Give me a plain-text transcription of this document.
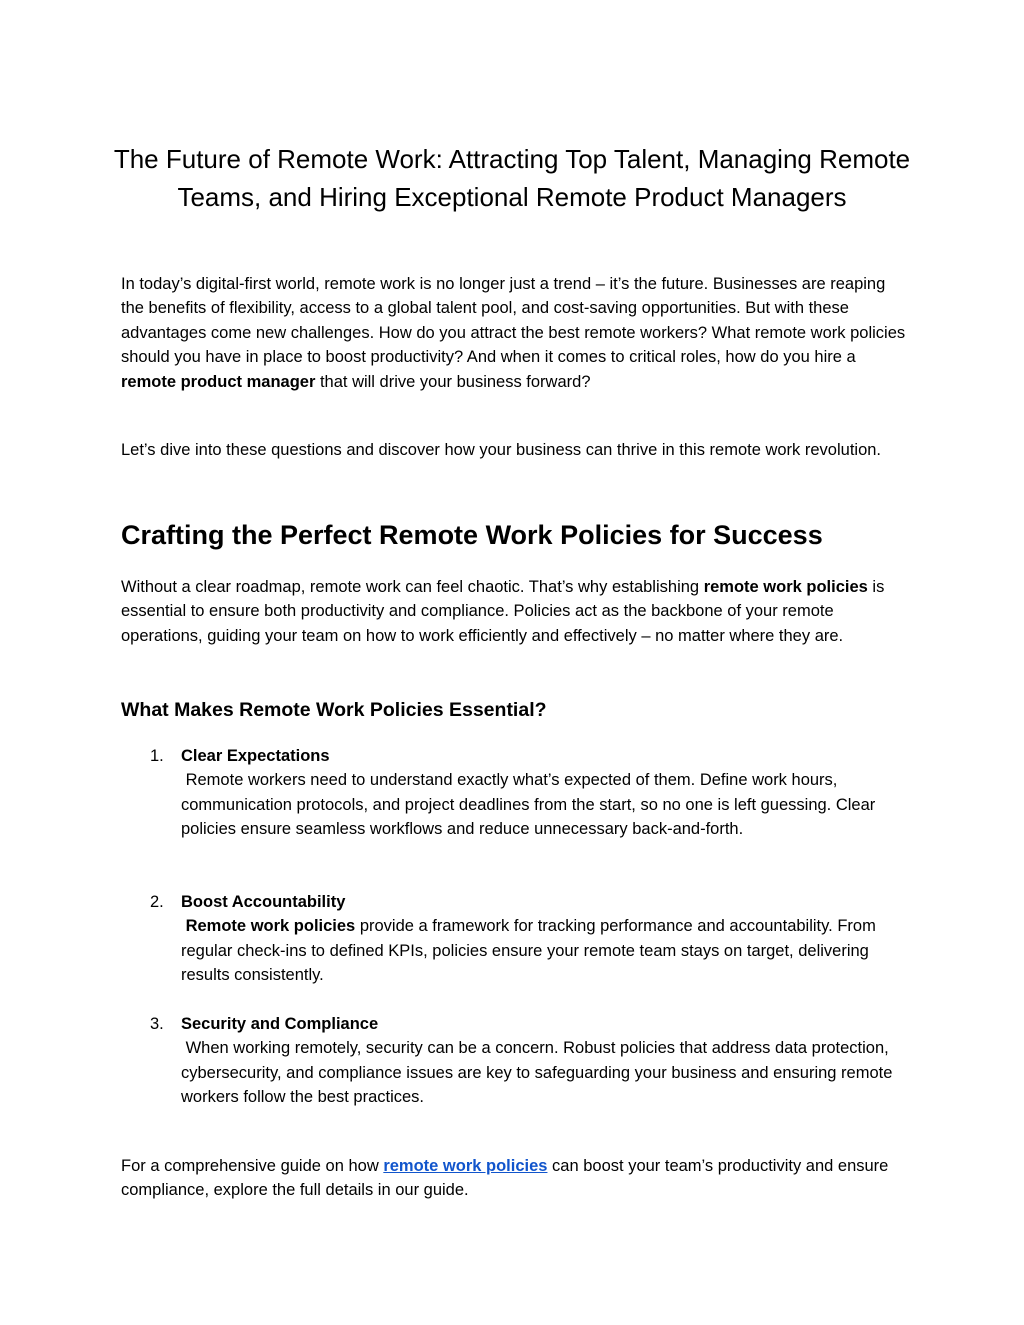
The Future of Remote Work: Attracting Top Talent, Managing Remote Teams, and Hiring Exceptional Remote Product Managers

In today’s digital-first world, remote work is no longer just a trend – it’s the future. Businesses are reaping the benefits of flexibility, access to a global talent pool, and cost-saving opportunities. But with these advantages come new challenges. How do you attract the best remote workers? What remote work policies should you have in place to boost productivity? And when it comes to critical roles, how do you hire a remote product manager that will drive your business forward?

Let’s dive into these questions and discover how your business can thrive in this remote work revolution.

Crafting the Perfect Remote Work Policies for Success

Without a clear roadmap, remote work can feel chaotic. That’s why establishing remote work policies is essential to ensure both productivity and compliance. Policies act as the backbone of your remote operations, guiding your team on how to work efficiently and effectively – no matter where they are.

What Makes Remote Work Policies Essential?
1. Clear Expectations
Remote workers need to understand exactly what’s expected of them. Define work hours, communication protocols, and project deadlines from the start, so no one is left guessing. Clear policies ensure seamless workflows and reduce unnecessary back-and-forth.
2. Boost Accountability
Remote work policies provide a framework for tracking performance and accountability. From regular check-ins to defined KPIs, policies ensure your remote team stays on target, delivering results consistently.
3. Security and Compliance
When working remotely, security can be a concern. Robust policies that address data protection, cybersecurity, and compliance issues are key to safeguarding your business and ensuring remote workers follow the best practices.

For a comprehensive guide on how remote work policies can boost your team’s productivity and ensure compliance, explore the full details in our guide.
